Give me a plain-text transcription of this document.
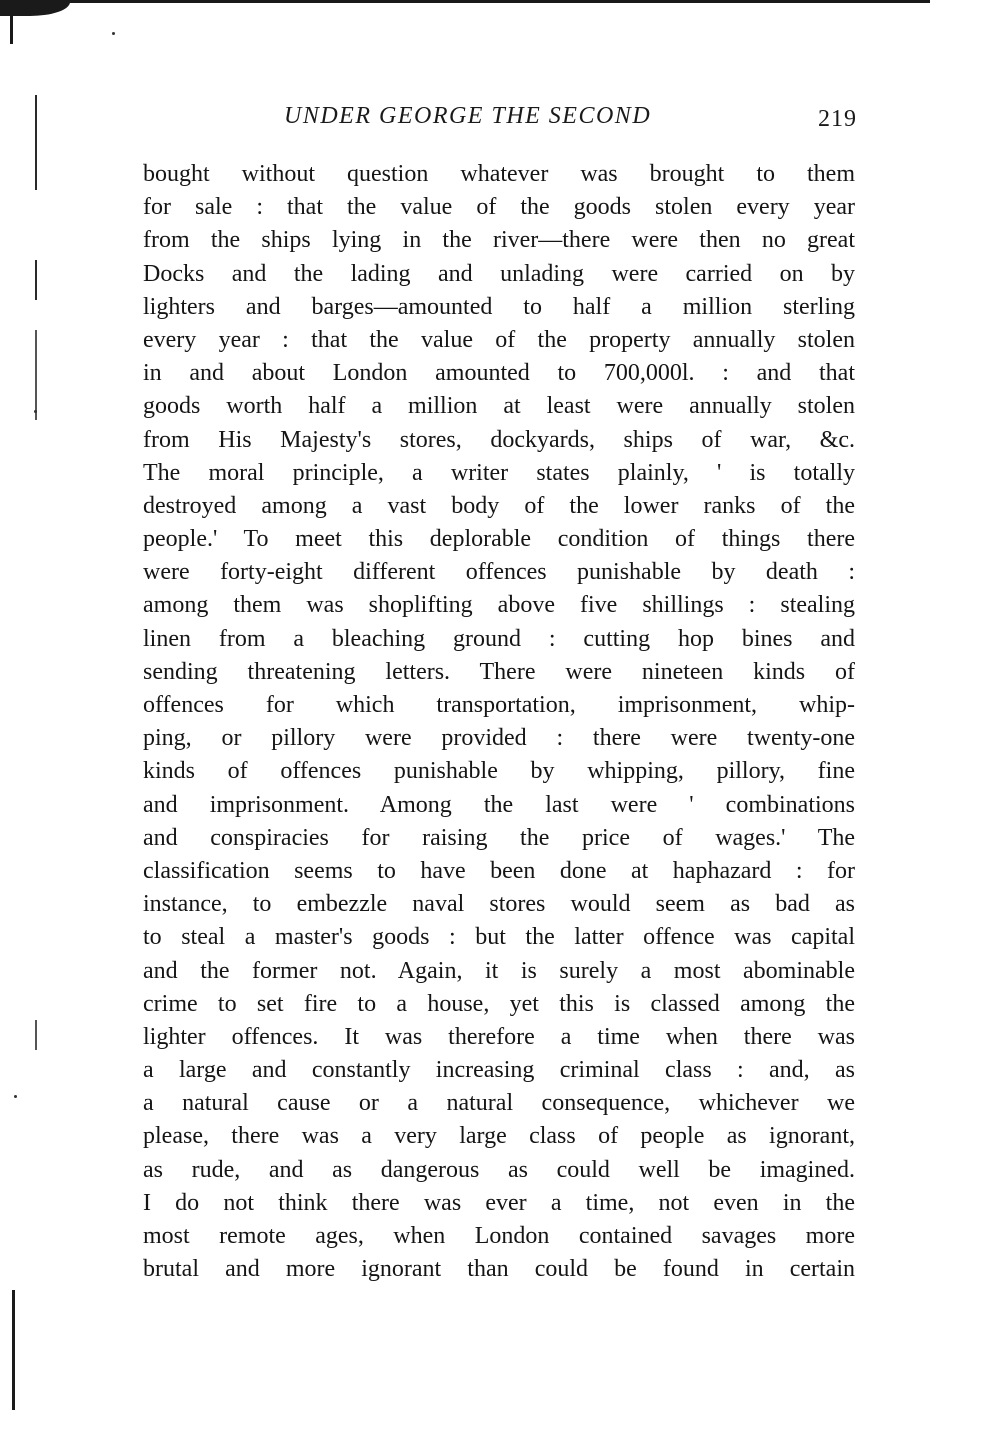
UNDER GEORGE THE SECOND	219
bought without question whatever was brought to them
for sale : that the value of the goods stolen every year
from the ships lying in the river—there were then no great
Docks and the lading and unlading were carried on by
lighters and barges—amounted to half a million sterling
every year : that the value of the property annually stolen
in and about London amounted to 700,000l. : and that
goods worth half a million at least were annually stolen
from His Majesty's stores, dockyards, ships of war, &c.
The moral principle, a writer states plainly, ' is totally
destroyed among a vast body of the lower ranks of the
people.' To meet this deplorable condition of things there
were forty-eight different offences punishable by death :
among them was shoplifting above five shillings : stealing
linen from a bleaching ground : cutting hop bines and
sending threatening letters. There were nineteen kinds of
offences for which transportation, imprisonment, whip-
ping, or pillory were provided : there were twenty-one
kinds of offences punishable by whipping, pillory, fine
and imprisonment. Among the last were ' combinations
and conspiracies for raising the price of wages.' The
classification seems to have been done at haphazard : for
instance, to embezzle naval stores would seem as bad as
to steal a master's goods : but the latter offence was capital
and the former not. Again, it is surely a most abominable
crime to set fire to a house, yet this is classed among the
lighter offences. It was therefore a time when there was
a large and constantly increasing criminal class : and, as
a natural cause or a natural consequence, whichever we
please, there was a very large class of people as ignorant,
as rude, and as dangerous as could well be imagined.
I do not think there was ever a time, not even in the
most remote ages, when London contained savages more
brutal and more ignorant than could be found in certain
